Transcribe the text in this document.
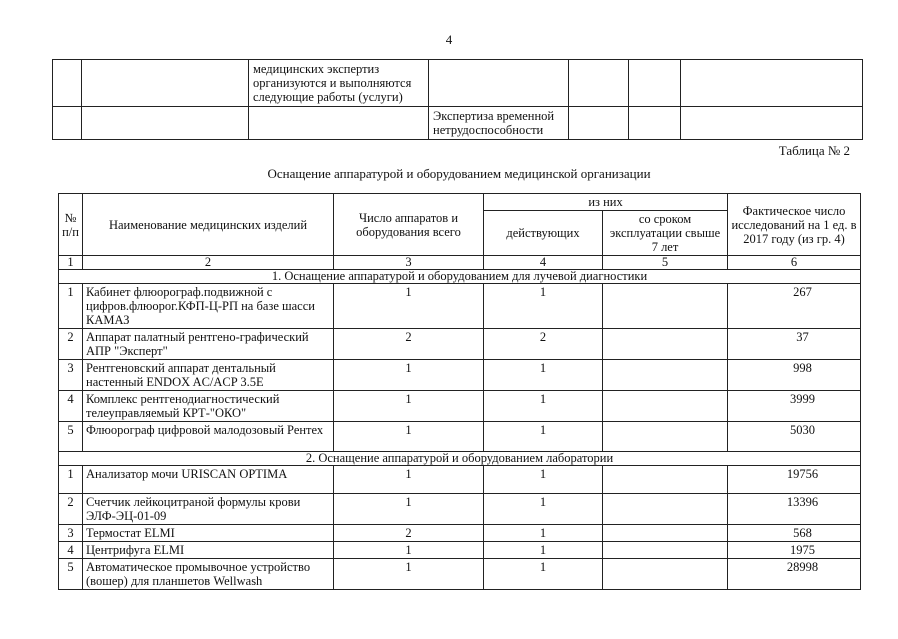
4
		медицинских экспертиз организуются и выполняются следующие работы (услуги)				
			Экспертиза временной нетрудоспособности			
Таблица № 2
Оснащение аппаратурой и оборудованием медицинской организации
№ п/п	Наименование медицинских изделий	Число аппаратов и оборудования всего	из них		Фактическое число исследований на 1 ед. в 2017 году (из гр. 4)
			действующих	со сроком эксплуатации свыше 7 лет	
1	2	3	4	5	6
1. Оснащение аппаратурой и оборудованием для лучевой диагностики					
1	Кабинет флюорограф.подвижной с цифров.флюорог.КФП-Ц-РП на базе шасси КАМАЗ	1	1		267
2	Аппарат палатный рентгено-графический АПР "Эксперт"	2	2		37
3	Рентгеновский аппарат дентальный настенный ENDOX AC/ACP 3.5E	1	1		998
4	Комплекс рентгенодиагностический телеуправляемый КРТ-"ОКО"	1	1		3999
5	Флюорограф цифровой малодозовый Рентех	1	1		5030
2. Оснащение аппаратурой и оборудованием лаборатории					
1	Анализатор мочи URISCAN OPTIMA	1	1		19756
2	Счетчик лейкоцитраной формулы крови ЭЛФ-ЭЦ-01-09	1	1		13396
3	Термостат ELMI	2	1		568
4	Центрифуга ELMI	1	1		1975
5	Автоматическое промывочное устройство (вошер) для планшетов Wellwash	1	1		28998
